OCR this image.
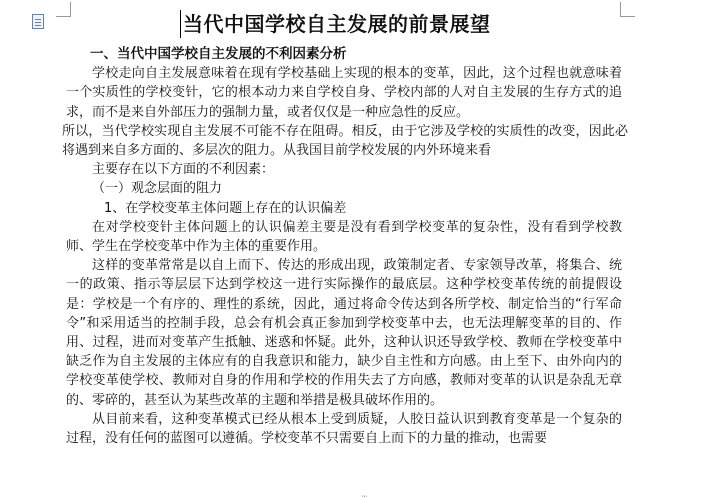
当代中国学校自主发展的前景展望

一、当代中国学校自主发展的不利因素分析

学校走向自主发展意味着在现有学校基础上实现的根本的变革，因此，这个过程也就意味着一个实质性的学校变针，它的根本动力来自学校自身、学校内部的人对自主发展的生存方式的追求，而不是来自外部压力的强制力量，或者仅仅是一种应急性的反应。

所以，当代学校实现自主发展不可能不存在阻碍。相反，由于它涉及学校的实质性的改变，因此必将遇到来自多方面的、多层次的阻力。从我国目前学校发展的内外环境来看

主要存在以下方面的不利因素：

（一）观念层面的阻力

1、在学校变革主体问题上存在的认识偏差

在对学校变针主体问题上的认识偏差主要是没有看到学校变革的复杂性，没有看到学校教师、学生在学校变革中作为主体的重要作用。

这样的变革常常是以自上而下、传达的形成出现，政策制定者、专家领导改革，将集合、统一的政策、指示等层层下达到学校这一进行实际操作的最底层。这种学校变革传统的前提假设是：学校是一个有序的、理性的系统，因此，通过将命令传达到各所学校、制定恰当的“行军命令”和采用适当的控制手段，总会有机会真正参加到学校变革中去，也无法理解变革的目的、作用、过程，进而对变革产生抵触、迷惑和怀疑。此外，这种认识还导致学校、教师在学校变革中缺乏作为自主发展的主体应有的自我意识和能力，缺少自主性和方向感。由上至下、由外向内的学校变革使学校、教师对自身的作用和学校的作用失去了方向感，教师对变革的认识是杂乱无章的、零碎的，甚至认为某些改革的主题和举措是极具破坏作用的。

从目前来看，这种变革模式已经从根本上受到质疑，人胶日益认识到教育变革是一个复杂的过程，没有任何的蓝图可以遵循。学校变革不只需要自上而下的力量的推动，也需要

'''
